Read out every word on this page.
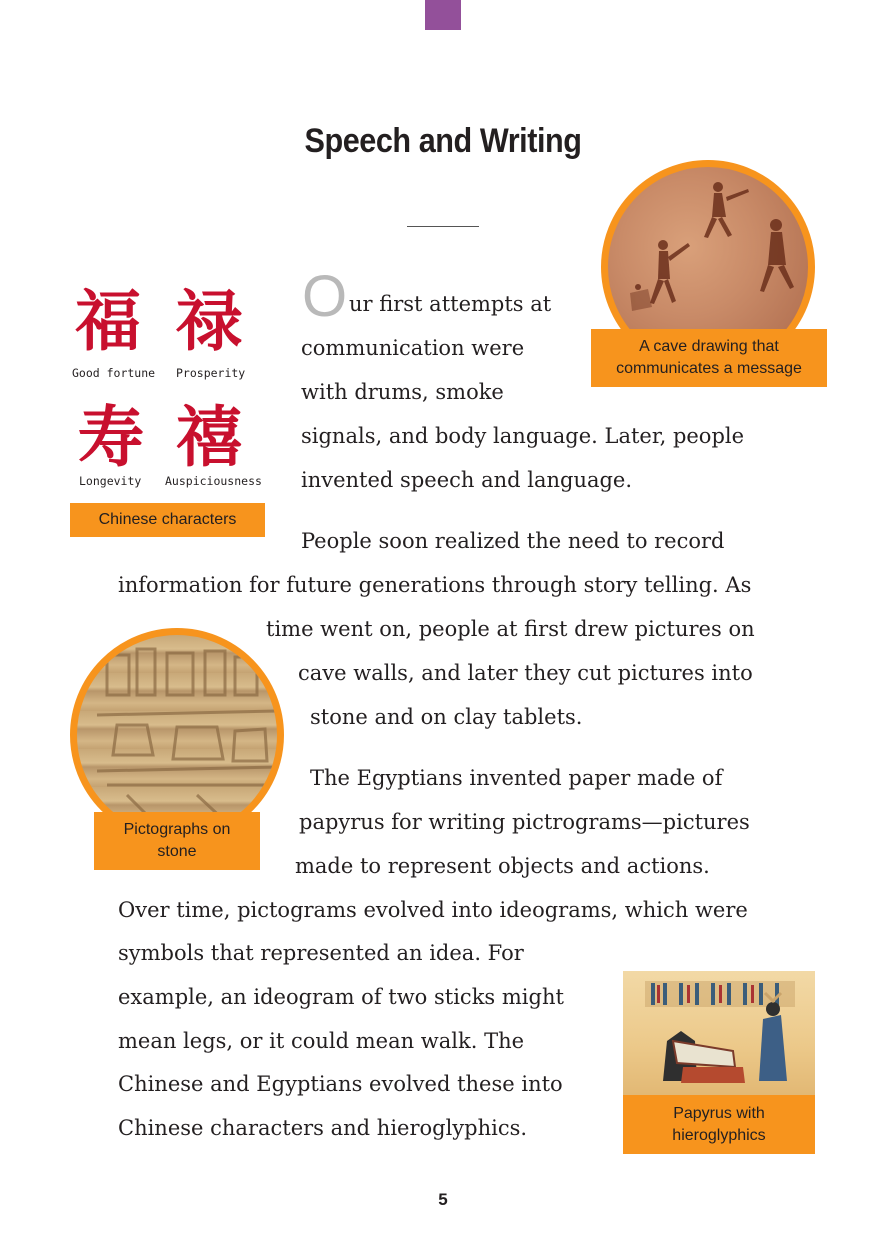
Speech and Writing
福 禄
Good fortune Prosperity
寿 禧
Longevity Auspiciousness
Chinese characters
A cave drawing that
communicates a message
Pictographs on
stone
Papyrus with
hieroglyphics
O ur first attempts at
communication were
with drums, smoke
signals, and body language. Later, people
invented speech and language.
People soon realized the need to record
information for future generations through story telling. As
time went on, people at first drew pictures on
cave walls, and later they cut pictures into
stone and on clay tablets.
The Egyptians invented paper made of
papyrus for writing pictrograms—pictures
made to represent objects and actions.
Over time, pictograms evolved into ideograms, which were
symbols that represented an idea. For
example, an ideogram of two sticks might
mean legs, or it could mean walk. The
Chinese and Egyptians evolved these into
Chinese characters and hieroglyphics.
5
